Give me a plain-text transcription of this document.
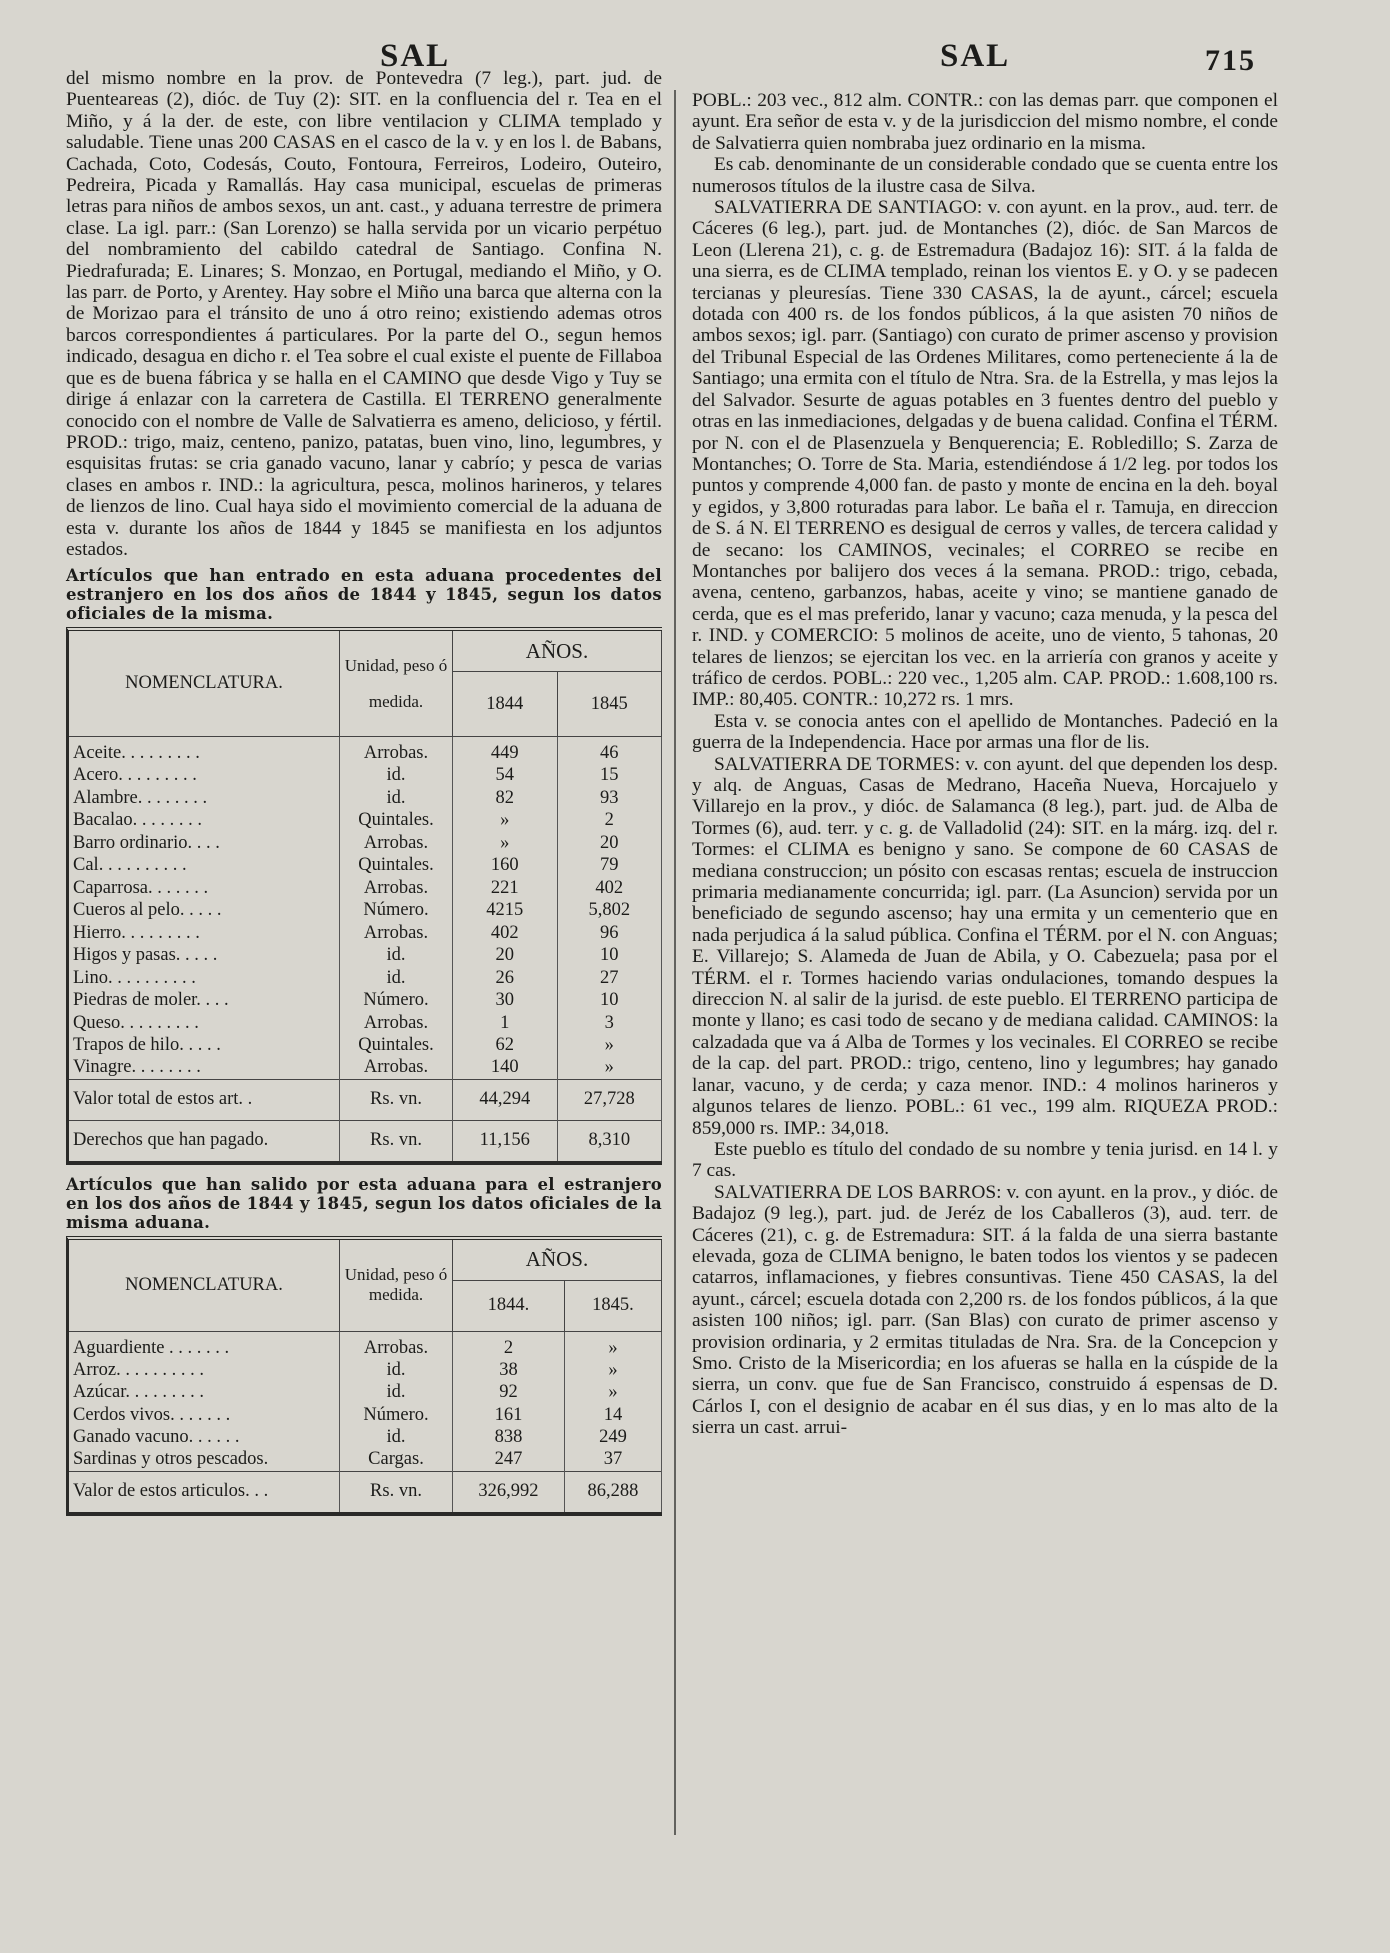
SAL	SAL	715

del mismo nombre en la prov. de Pontevedra (7 leg.), part. jud. de Puenteareas (2), dióc. de Tuy (2): SIT. en la confluencia del r. Tea en el Miño, y á la der. de este, con libre ventilacion y CLIMA templado y saludable. Tiene unas 200 CASAS en el casco de la v. y en los l. de Babans, Cachada, Coto, Codesás, Couto, Fontoura, Ferreiros, Lodeiro, Outeiro, Pedreira, Picada y Ramallás. Hay casa municipal, escuelas de primeras letras para niños de ambos sexos, un ant. cast., y aduana terrestre de primera clase. La igl. parr.: (San Lorenzo) se halla servida por un vicario perpétuo del nombramiento del cabildo catedral de Santiago. Confina N. Piedrafurada; E. Linares; S. Monzao, en Portugal, mediando el Miño, y O. las parr. de Porto, y Arentey. Hay sobre el Miño una barca que alterna con la de Morizao para el tránsito de uno á otro reino; existiendo ademas otros barcos correspondientes á particulares. Por la parte del O., segun hemos indicado, desagua en dicho r. el Tea sobre el cual existe el puente de Fillaboa que es de buena fábrica y se halla en el CAMINO que desde Vigo y Tuy se dirige á enlazar con la carretera de Castilla. El TERRENO generalmente conocido con el nombre de Valle de Salvatierra es ameno, delicioso, y fértil. PROD.: trigo, maiz, centeno, panizo, patatas, buen vino, lino, legumbres, y esquisitas frutas: se cria ganado vacuno, lanar y cabrío; y pesca de varias clases en ambos r. IND.: la agricultura, pesca, molinos harineros, y telares de lienzos de lino. Cual haya sido el movimiento comercial de la aduana de esta v. durante los años de 1844 y 1845 se manifiesta en los adjuntos estados.

Artículos que han entrado en esta aduana procedentes del estranjero en los dos años de 1844 y 1845, segun los datos oficiales de la misma.
NOMENCLATURA.	Unidad, peso ó medida.	AÑOS.	
		1844	1845
Aceite. . . . . . . . .	Arrobas.	449	46
Acero. . . . . . . . .	id.	54	15
Alambre. . . . . . . .	id.	82	93
Bacalao. . . . . . . .	Quintales.	»	2
Barro ordinario. . . .	Arrobas.	»	20
Cal. . . . . . . . . .	Quintales.	160	79
Caparrosa. . . . . . .	Arrobas.	221	402
Cueros al pelo. . . . .	Número.	4215	5,802
Hierro. . . . . . . . .	Arrobas.	402	96
Higos y pasas. . . . .	id.	20	10
Lino. . . . . . . . . .	id.	26	27
Piedras de moler. . . .	Número.	30	10
Queso. . . . . . . . .	Arrobas.	1	3
Trapos de hilo. . . . .	Quintales.	62	»
Vinagre. . . . . . . .	Arrobas.	140	»
Valor total de estos art. .	Rs. vn.	44,294	27,728
Derechos que han pagado.	Rs. vn.	11,156	8,310
Artículos que han salido por esta aduana para el estranjero en los dos años de 1844 y 1845, segun los datos oficiales de la misma aduana.
NOMENCLATURA.	Unidad, peso ó medida.	AÑOS.	
		1844.	1845.
Aguardiente . . . . . . .	Arrobas.	2	»
Arroz. . . . . . . . . .	id.	38	»
Azúcar. . . . . . . . .	id.	92	»
Cerdos vivos. . . . . . .	Número.	161	14
Ganado vacuno. . . . . .	id.	838	249
Sardinas y otros pescados.	Cargas.	247	37
Valor de estos articulos. . .	Rs. vn.	326,992	86,288

POBL.: 203 vec., 812 alm. CONTR.: con las demas parr. que componen el ayunt. Era señor de esta v. y de la jurisdiccion del mismo nombre, el conde de Salvatierra quien nombraba juez ordinario en la misma.

Es cab. denominante de un considerable condado que se cuenta entre los numerosos títulos de la ilustre casa de Silva.

SALVATIERRA DE SANTIAGO: v. con ayunt. en la prov., aud. terr. de Cáceres (6 leg.), part. jud. de Montanches (2), dióc. de San Marcos de Leon (Llerena 21), c. g. de Estremadura (Badajoz 16): SIT. á la falda de una sierra, es de CLIMA templado, reinan los vientos E. y O. y se padecen tercianas y pleuresías. Tiene 330 CASAS, la de ayunt., cárcel; escuela dotada con 400 rs. de los fondos públicos, á la que asisten 70 niños de ambos sexos; igl. parr. (Santiago) con curato de primer ascenso y provision del Tribunal Especial de las Ordenes Militares, como perteneciente á la de Santiago; una ermita con el título de Ntra. Sra. de la Estrella, y mas lejos la del Salvador. Sesurte de aguas potables en 3 fuentes dentro del pueblo y otras en las inmediaciones, delgadas y de buena calidad. Confina el TÉRM. por N. con el de Plasenzuela y Benquerencia; E. Robledillo; S. Zarza de Montanches; O. Torre de Sta. Maria, estendiéndose á 1/2 leg. por todos los puntos y comprende 4,000 fan. de pasto y monte de encina en la deh. boyal y egidos, y 3,800 roturadas para labor. Le baña el r. Tamuja, en direccion de S. á N. El TERRENO es desigual de cerros y valles, de tercera calidad y de secano: los CAMINOS, vecinales; el CORREO se recibe en Montanches por balijero dos veces á la semana. PROD.: trigo, cebada, avena, centeno, garbanzos, habas, aceite y vino; se mantiene ganado de cerda, que es el mas preferido, lanar y vacuno; caza menuda, y la pesca del r. IND. y COMERCIO: 5 molinos de aceite, uno de viento, 5 tahonas, 20 telares de lienzos; se ejercitan los vec. en la arriería con granos y aceite y tráfico de cerdos. POBL.: 220 vec., 1,205 alm. CAP. PROD.: 1.608,100 rs. IMP.: 80,405. CONTR.: 10,272 rs. 1 mrs.

Esta v. se conocia antes con el apellido de Montanches. Padeció en la guerra de la Independencia. Hace por armas una flor de lis.

SALVATIERRA DE TORMES: v. con ayunt. del que dependen los desp. y alq. de Anguas, Casas de Medrano, Haceña Nueva, Horcajuelo y Villarejo en la prov., y dióc. de Salamanca (8 leg.), part. jud. de Alba de Tormes (6), aud. terr. y c. g. de Valladolid (24): SIT. en la márg. izq. del r. Tormes: el CLIMA es benigno y sano. Se compone de 60 CASAS de mediana construccion; un pósito con escasas rentas; escuela de instruccion primaria medianamente concurrida; igl. parr. (La Asuncion) servida por un beneficiado de segundo ascenso; hay una ermita y un cementerio que en nada perjudica á la salud pública. Confina el TÉRM. por el N. con Anguas; E. Villarejo; S. Alameda de Juan de Abila, y O. Cabezuela; pasa por el TÉRM. el r. Tormes haciendo varias ondulaciones, tomando despues la direccion N. al salir de la jurisd. de este pueblo. El TERRENO participa de monte y llano; es casi todo de secano y de mediana calidad. CAMINOS: la calzadada que va á Alba de Tormes y los vecinales. El CORREO se recibe de la cap. del part. PROD.: trigo, centeno, lino y legumbres; hay ganado lanar, vacuno, y de cerda; y caza menor. IND.: 4 molinos harineros y algunos telares de lienzo. POBL.: 61 vec., 199 alm. RIQUEZA PROD.: 859,000 rs. IMP.: 34,018.

Este pueblo es título del condado de su nombre y tenia jurisd. en 14 l. y 7 cas.

SALVATIERRA DE LOS BARROS: v. con ayunt. en la prov., y dióc. de Badajoz (9 leg.), part. jud. de Jeréz de los Caballeros (3), aud. terr. de Cáceres (21), c. g. de Estremadura: SIT. á la falda de una sierra bastante elevada, goza de CLIMA benigno, le baten todos los vientos y se padecen catarros, inflamaciones, y fiebres consuntivas. Tiene 450 CASAS, la del ayunt., cárcel; escuela dotada con 2,200 rs. de los fondos públicos, á la que asisten 100 niños; igl. parr. (San Blas) con curato de primer ascenso y provision ordinaria, y 2 ermitas tituladas de Nra. Sra. de la Concepcion y Smo. Cristo de la Misericordia; en los afueras se halla en la cúspide de la sierra, un conv. que fue de San Francisco, construido á espensas de D. Cárlos I, con el designio de acabar en él sus dias, y en lo mas alto de la sierra un cast. arrui-
